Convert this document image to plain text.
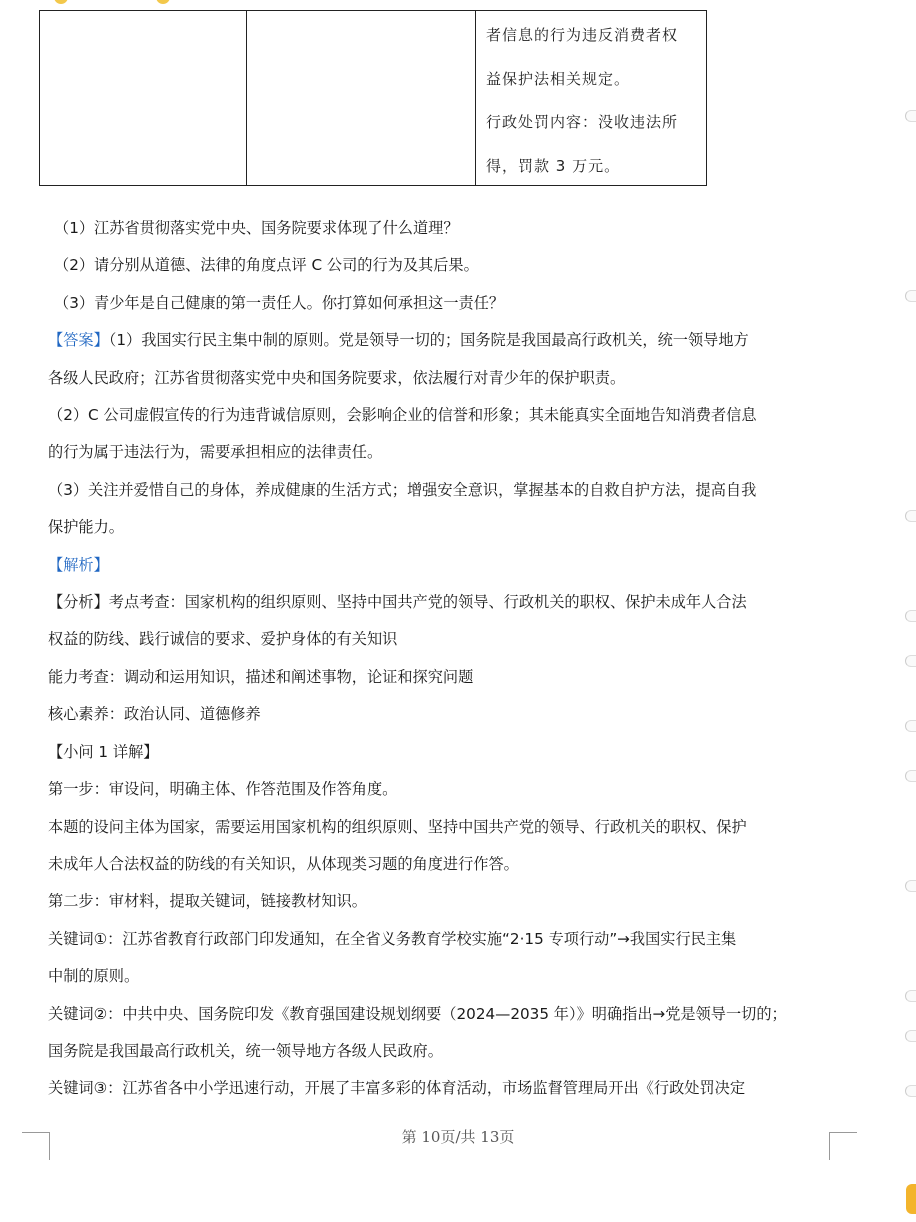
者信息的行为违反消费者权

益保护法相关规定。

行政处罚内容：没收违法所

得，罚款 3 万元。

（1）江苏省贯彻落实党中央、国务院要求体现了什么道理？

（2）请分别从道德、法律的角度点评 C 公司的行为及其后果。

（3）青少年是自己健康的第一责任人。你打算如何承担这一责任？

【答案】（1）我国实行民主集中制的原则。党是领导一切的；国务院是我国最高行政机关，统一领导地方

各级人民政府；江苏省贯彻落实党中央和国务院要求，依法履行对青少年的保护职责。

（2）C 公司虚假宣传的行为违背诚信原则，会影响企业的信誉和形象；其未能真实全面地告知消费者信息

的行为属于违法行为，需要承担相应的法律责任。

（3）关注并爱惜自己的身体，养成健康的生活方式；增强安全意识，掌握基本的自救自护方法，提高自我

保护能力。

【解析】

【分析】考点考查：国家机构的组织原则、坚持中国共产党的领导、行政机关的职权、保护未成年人合法

权益的防线、践行诚信的要求、爱护身体的有关知识

能力考查：调动和运用知识，描述和阐述事物，论证和探究问题

核心素养：政治认同、道德修养

【小问 1 详解】

第一步：审设问，明确主体、作答范围及作答角度。

本题的设问主体为国家，需要运用国家机构的组织原则、坚持中国共产党的领导、行政机关的职权、保护

未成年人合法权益的防线的有关知识，从体现类习题的角度进行作答。

第二步：审材料，提取关键词，链接教材知识。

关键词①：江苏省教育行政部门印发通知，在全省义务教育学校实施“2·15 专项行动”→我国实行民主集

中制的原则。

关键词②：中共中央、国务院印发《教育强国建设规划纲要（2024—2035 年）》明确指出→党是领导一切的；

国务院是我国最高行政机关，统一领导地方各级人民政府。

关键词③：江苏省各中小学迅速行动，开展了丰富多彩的体育活动，市场监督管理局开出《行政处罚决定

第 10页/共 13页
